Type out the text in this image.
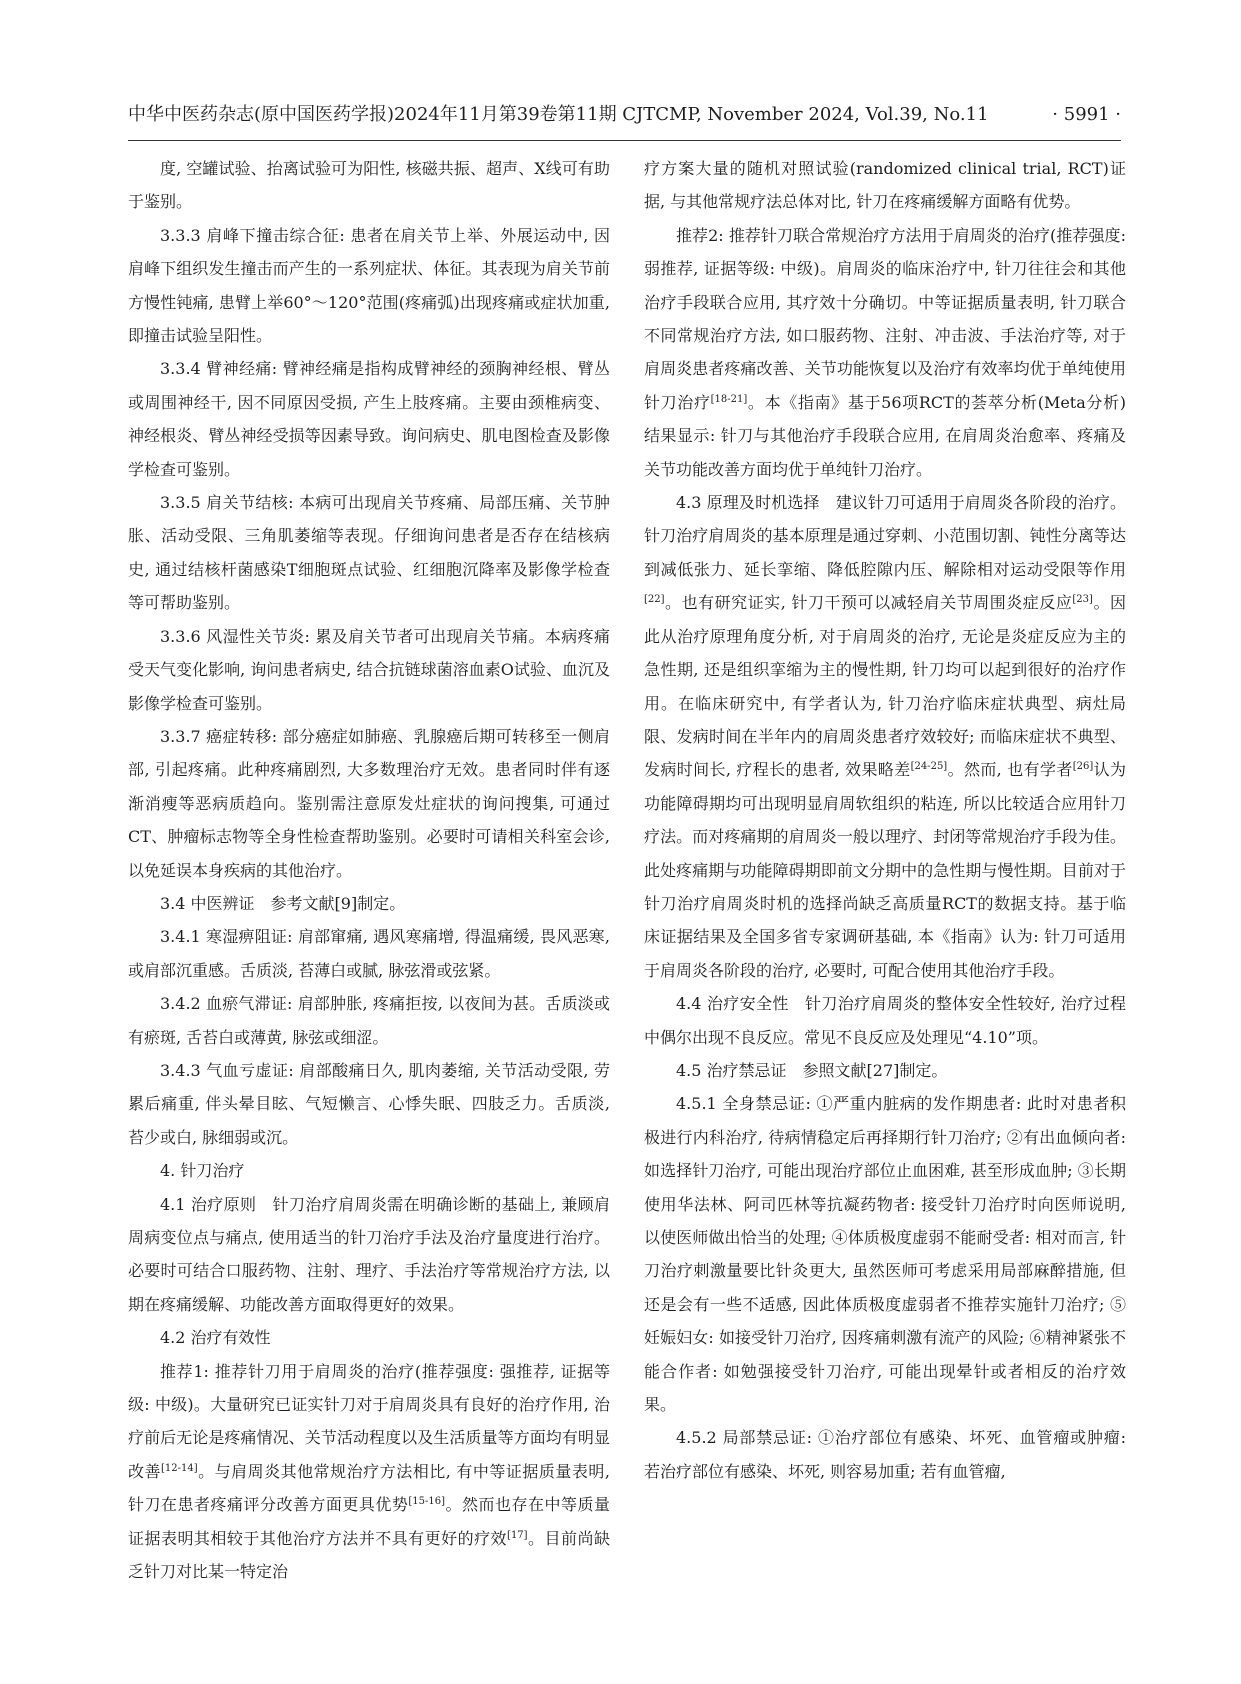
中华中医药杂志(原中国医药学报)2024年11月第39卷第11期 CJTCMP, November 2024, Vol.39, No.11	· 5991 ·

度, 空罐试验、抬离试验可为阳性, 核磁共振、超声、X线可有助于鉴别。

3.3.3 肩峰下撞击综合征: 患者在肩关节上举、外展运动中, 因肩峰下组织发生撞击而产生的一系列症状、体征。其表现为肩关节前方慢性钝痛, 患臂上举60°～120°范围(疼痛弧)出现疼痛或症状加重, 即撞击试验呈阳性。

3.3.4 臂神经痛: 臂神经痛是指构成臂神经的颈胸神经根、臂丛或周围神经干, 因不同原因受损, 产生上肢疼痛。主要由颈椎病变、神经根炎、臂丛神经受损等因素导致。询问病史、肌电图检查及影像学检查可鉴别。

3.3.5 肩关节结核: 本病可出现肩关节疼痛、局部压痛、关节肿胀、活动受限、三角肌萎缩等表现。仔细询问患者是否存在结核病史, 通过结核杆菌感染T细胞斑点试验、红细胞沉降率及影像学检查等可帮助鉴别。

3.3.6 风湿性关节炎: 累及肩关节者可出现肩关节痛。本病疼痛受天气变化影响, 询问患者病史, 结合抗链球菌溶血素O试验、血沉及影像学检查可鉴别。

3.3.7 癌症转移: 部分癌症如肺癌、乳腺癌后期可转移至一侧肩部, 引起疼痛。此种疼痛剧烈, 大多数理治疗无效。患者同时伴有逐渐消瘦等恶病质趋向。鉴别需注意原发灶症状的询问搜集, 可通过CT、肿瘤标志物等全身性检查帮助鉴别。必要时可请相关科室会诊, 以免延误本身疾病的其他治疗。

3.4 中医辨证　参考文献[9]制定。

3.4.1 寒湿痹阻证: 肩部窜痛, 遇风寒痛增, 得温痛缓, 畏风恶寒, 或肩部沉重感。舌质淡, 苔薄白或腻, 脉弦滑或弦紧。

3.4.2 血瘀气滞证: 肩部肿胀, 疼痛拒按, 以夜间为甚。舌质淡或有瘀斑, 舌苔白或薄黄, 脉弦或细涩。

3.4.3 气血亏虚证: 肩部酸痛日久, 肌肉萎缩, 关节活动受限, 劳累后痛重, 伴头晕目眩、气短懒言、心悸失眠、四肢乏力。舌质淡, 苔少或白, 脉细弱或沉。

4. 针刀治疗

4.1 治疗原则　针刀治疗肩周炎需在明确诊断的基础上, 兼顾肩周病变位点与痛点, 使用适当的针刀治疗手法及治疗量度进行治疗。必要时可结合口服药物、注射、理疗、手法治疗等常规治疗方法, 以期在疼痛缓解、功能改善方面取得更好的效果。

4.2 治疗有效性

推荐1: 推荐针刀用于肩周炎的治疗(推荐强度: 强推荐, 证据等级: 中级)。大量研究已证实针刀对于肩周炎具有良好的治疗作用, 治疗前后无论是疼痛情况、关节活动程度以及生活质量等方面均有明显改善[12-14]。与肩周炎其他常规治疗方法相比, 有中等证据质量表明, 针刀在患者疼痛评分改善方面更具优势[15-16]。然而也存在中等质量证据表明其相较于其他治疗方法并不具有更好的疗效[17]。目前尚缺乏针刀对比某一特定治

疗方案大量的随机对照试验(randomized clinical trial, RCT)证据, 与其他常规疗法总体对比, 针刀在疼痛缓解方面略有优势。

推荐2: 推荐针刀联合常规治疗方法用于肩周炎的治疗(推荐强度: 弱推荐, 证据等级: 中级)。肩周炎的临床治疗中, 针刀往往会和其他治疗手段联合应用, 其疗效十分确切。中等证据质量表明, 针刀联合不同常规治疗方法, 如口服药物、注射、冲击波、手法治疗等, 对于肩周炎患者疼痛改善、关节功能恢复以及治疗有效率均优于单纯使用针刀治疗[18-21]。本《指南》基于56项RCT的荟萃分析(Meta分析)结果显示: 针刀与其他治疗手段联合应用, 在肩周炎治愈率、疼痛及关节功能改善方面均优于单纯针刀治疗。

4.3 原理及时机选择　建议针刀可适用于肩周炎各阶段的治疗。针刀治疗肩周炎的基本原理是通过穿刺、小范围切割、钝性分离等达到减低张力、延长挛缩、降低腔隙内压、解除相对运动受限等作用[22]。也有研究证实, 针刀干预可以减轻肩关节周围炎症反应[23]。因此从治疗原理角度分析, 对于肩周炎的治疗, 无论是炎症反应为主的急性期, 还是组织挛缩为主的慢性期, 针刀均可以起到很好的治疗作用。在临床研究中, 有学者认为, 针刀治疗临床症状典型、病灶局限、发病时间在半年内的肩周炎患者疗效较好; 而临床症状不典型、发病时间长, 疗程长的患者, 效果略差[24-25]。然而, 也有学者[26]认为功能障碍期均可出现明显肩周软组织的粘连, 所以比较适合应用针刀疗法。而对疼痛期的肩周炎一般以理疗、封闭等常规治疗手段为佳。此处疼痛期与功能障碍期即前文分期中的急性期与慢性期。目前对于针刀治疗肩周炎时机的选择尚缺乏高质量RCT的数据支持。基于临床证据结果及全国多省专家调研基础, 本《指南》认为: 针刀可适用于肩周炎各阶段的治疗, 必要时, 可配合使用其他治疗手段。

4.4 治疗安全性　针刀治疗肩周炎的整体安全性较好, 治疗过程中偶尔出现不良反应。常见不良反应及处理见“4.10”项。

4.5 治疗禁忌证　参照文献[27]制定。

4.5.1 全身禁忌证: ①严重内脏病的发作期患者: 此时对患者积极进行内科治疗, 待病情稳定后再择期行针刀治疗; ②有出血倾向者: 如选择针刀治疗, 可能出现治疗部位止血困难, 甚至形成血肿; ③长期使用华法林、阿司匹林等抗凝药物者: 接受针刀治疗时向医师说明, 以使医师做出恰当的处理; ④体质极度虚弱不能耐受者: 相对而言, 针刀治疗刺激量要比针灸更大, 虽然医师可考虑采用局部麻醉措施, 但还是会有一些不适感, 因此体质极度虚弱者不推荐实施针刀治疗; ⑤妊娠妇女: 如接受针刀治疗, 因疼痛刺激有流产的风险; ⑥精神紧张不能合作者: 如勉强接受针刀治疗, 可能出现晕针或者相反的治疗效果。

4.5.2 局部禁忌证: ①治疗部位有感染、坏死、血管瘤或肿瘤: 若治疗部位有感染、坏死, 则容易加重; 若有血管瘤,
